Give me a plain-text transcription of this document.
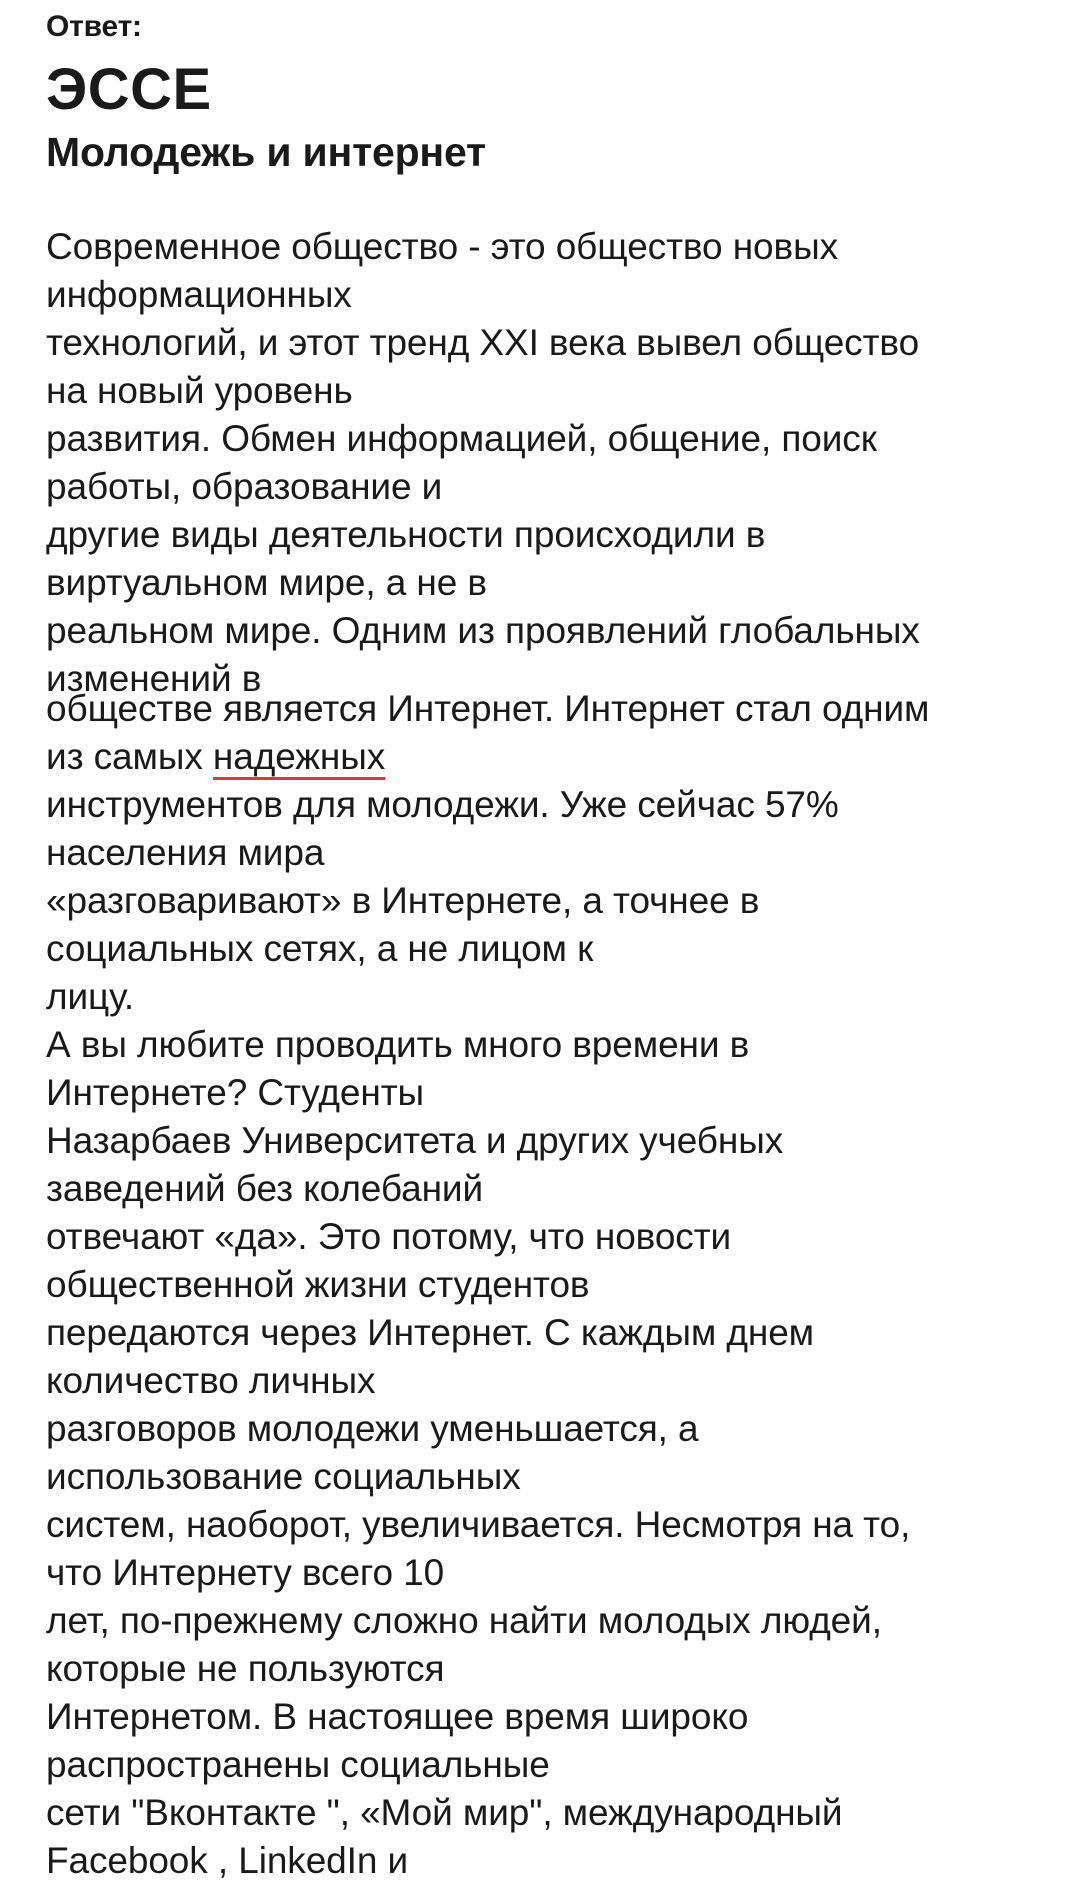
Ответ:
ЭССЕ
Молодежь и интернет
Современное общество - это общество новых
информационных
технологий, и этот тренд XXI века вывел общество
на новый уровень
развития. Обмен информацией, общение, поиск
работы, образование и
другие виды деятельности происходили в
виртуальном мире, а не в
реальном мире. Одним из проявлений глобальных
изменений в
обществе является Интернет. Интернет стал одним
из самых надежных
инструментов для молодежи. Уже сейчас 57%
населения мира
«разговаривают» в Интернете, а точнее в
социальных сетях, а не лицом к
лицу.
А вы любите проводить много времени в
Интернете? Студенты
Назарбаев Университета и других учебных
заведений без колебаний
отвечают «да». Это потому, что новости
общественной жизни студентов
передаются через Интернет. С каждым днем
количество личных
разговоров молодежи уменьшается, а
использование социальных
систем, наоборот, увеличивается. Несмотря на то,
что Интернету всего 10
лет, по-прежнему сложно найти молодых людей,
которые не пользуются
Интернетом. В настоящее время широко
распространены социальные
сети "Вконтакте ", «Мой мир", международный
Facebook , LinkedIn и
